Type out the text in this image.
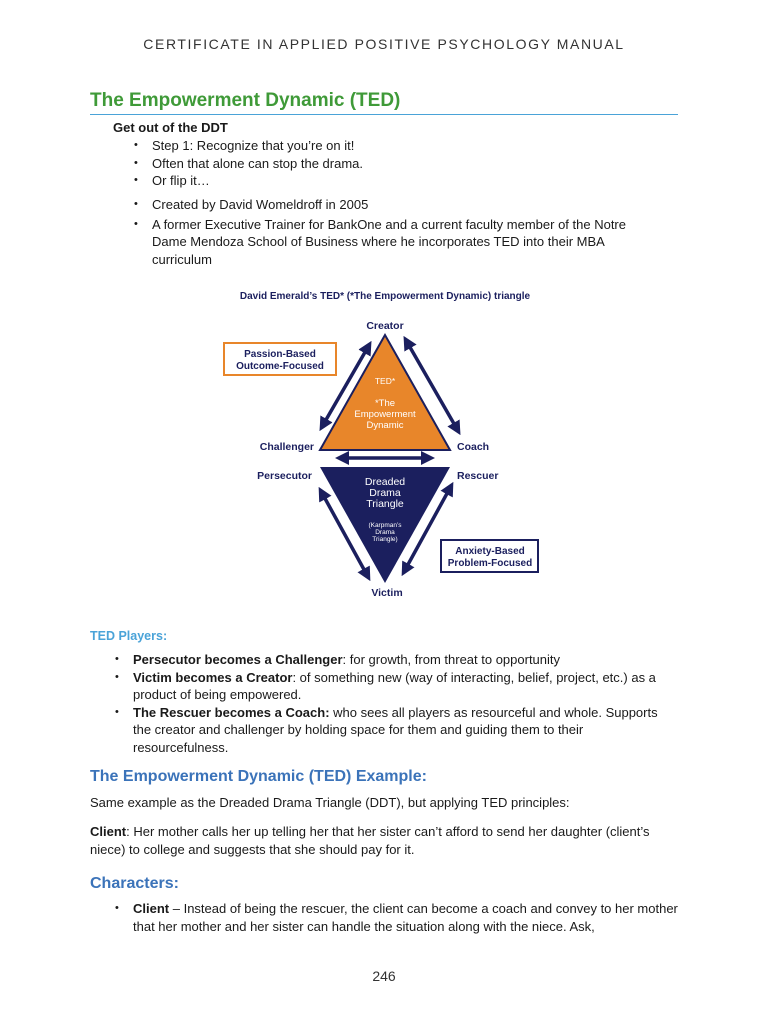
CERTIFICATE IN APPLIED POSITIVE PSYCHOLOGY MANUAL
The Empowerment Dynamic (TED)
Get out of the DDT
• Step 1: Recognize that you’re on it!
• Often that alone can stop the drama.
• Or flip it…
• Created by David Womeldroff in 2005
• A former Executive Trainer for BankOne and a current faculty member of the Notre Dame Mendoza School of Business where he incorporates TED into their MBA curriculum
David Emerald’s TED* (*The Empowerment Dynamic) triangle
TED*
*The
Empowerment
Dynamic
Dreaded
Drama
Triangle
(Karpman’s
Drama
Triangle)
Creator
Challenger	Coach
Persecutor	Rescuer
Victim
Passion-Based
Outcome-Focused
Anxiety-Based
Problem-Focused
TED Players:
• Persecutor becomes a Challenger: for growth, from threat to opportunity
• Victim becomes a Creator: of something new (way of interacting, belief, project, etc.) as a product of being empowered.
• The Rescuer becomes a Coach: who sees all players as resourceful and whole. Supports the creator and challenger by holding space for them and guiding them to their resourcefulness.
The Empowerment Dynamic (TED) Example:
Same example as the Dreaded Drama Triangle (DDT), but applying TED principles:
Client: Her mother calls her up telling her that her sister can’t afford to send her daughter (client’s niece) to college and suggests that she should pay for it.
Characters:
• Client – Instead of being the rescuer, the client can become a coach and convey to her mother that her mother and her sister can handle the situation along with the niece. Ask,
246
